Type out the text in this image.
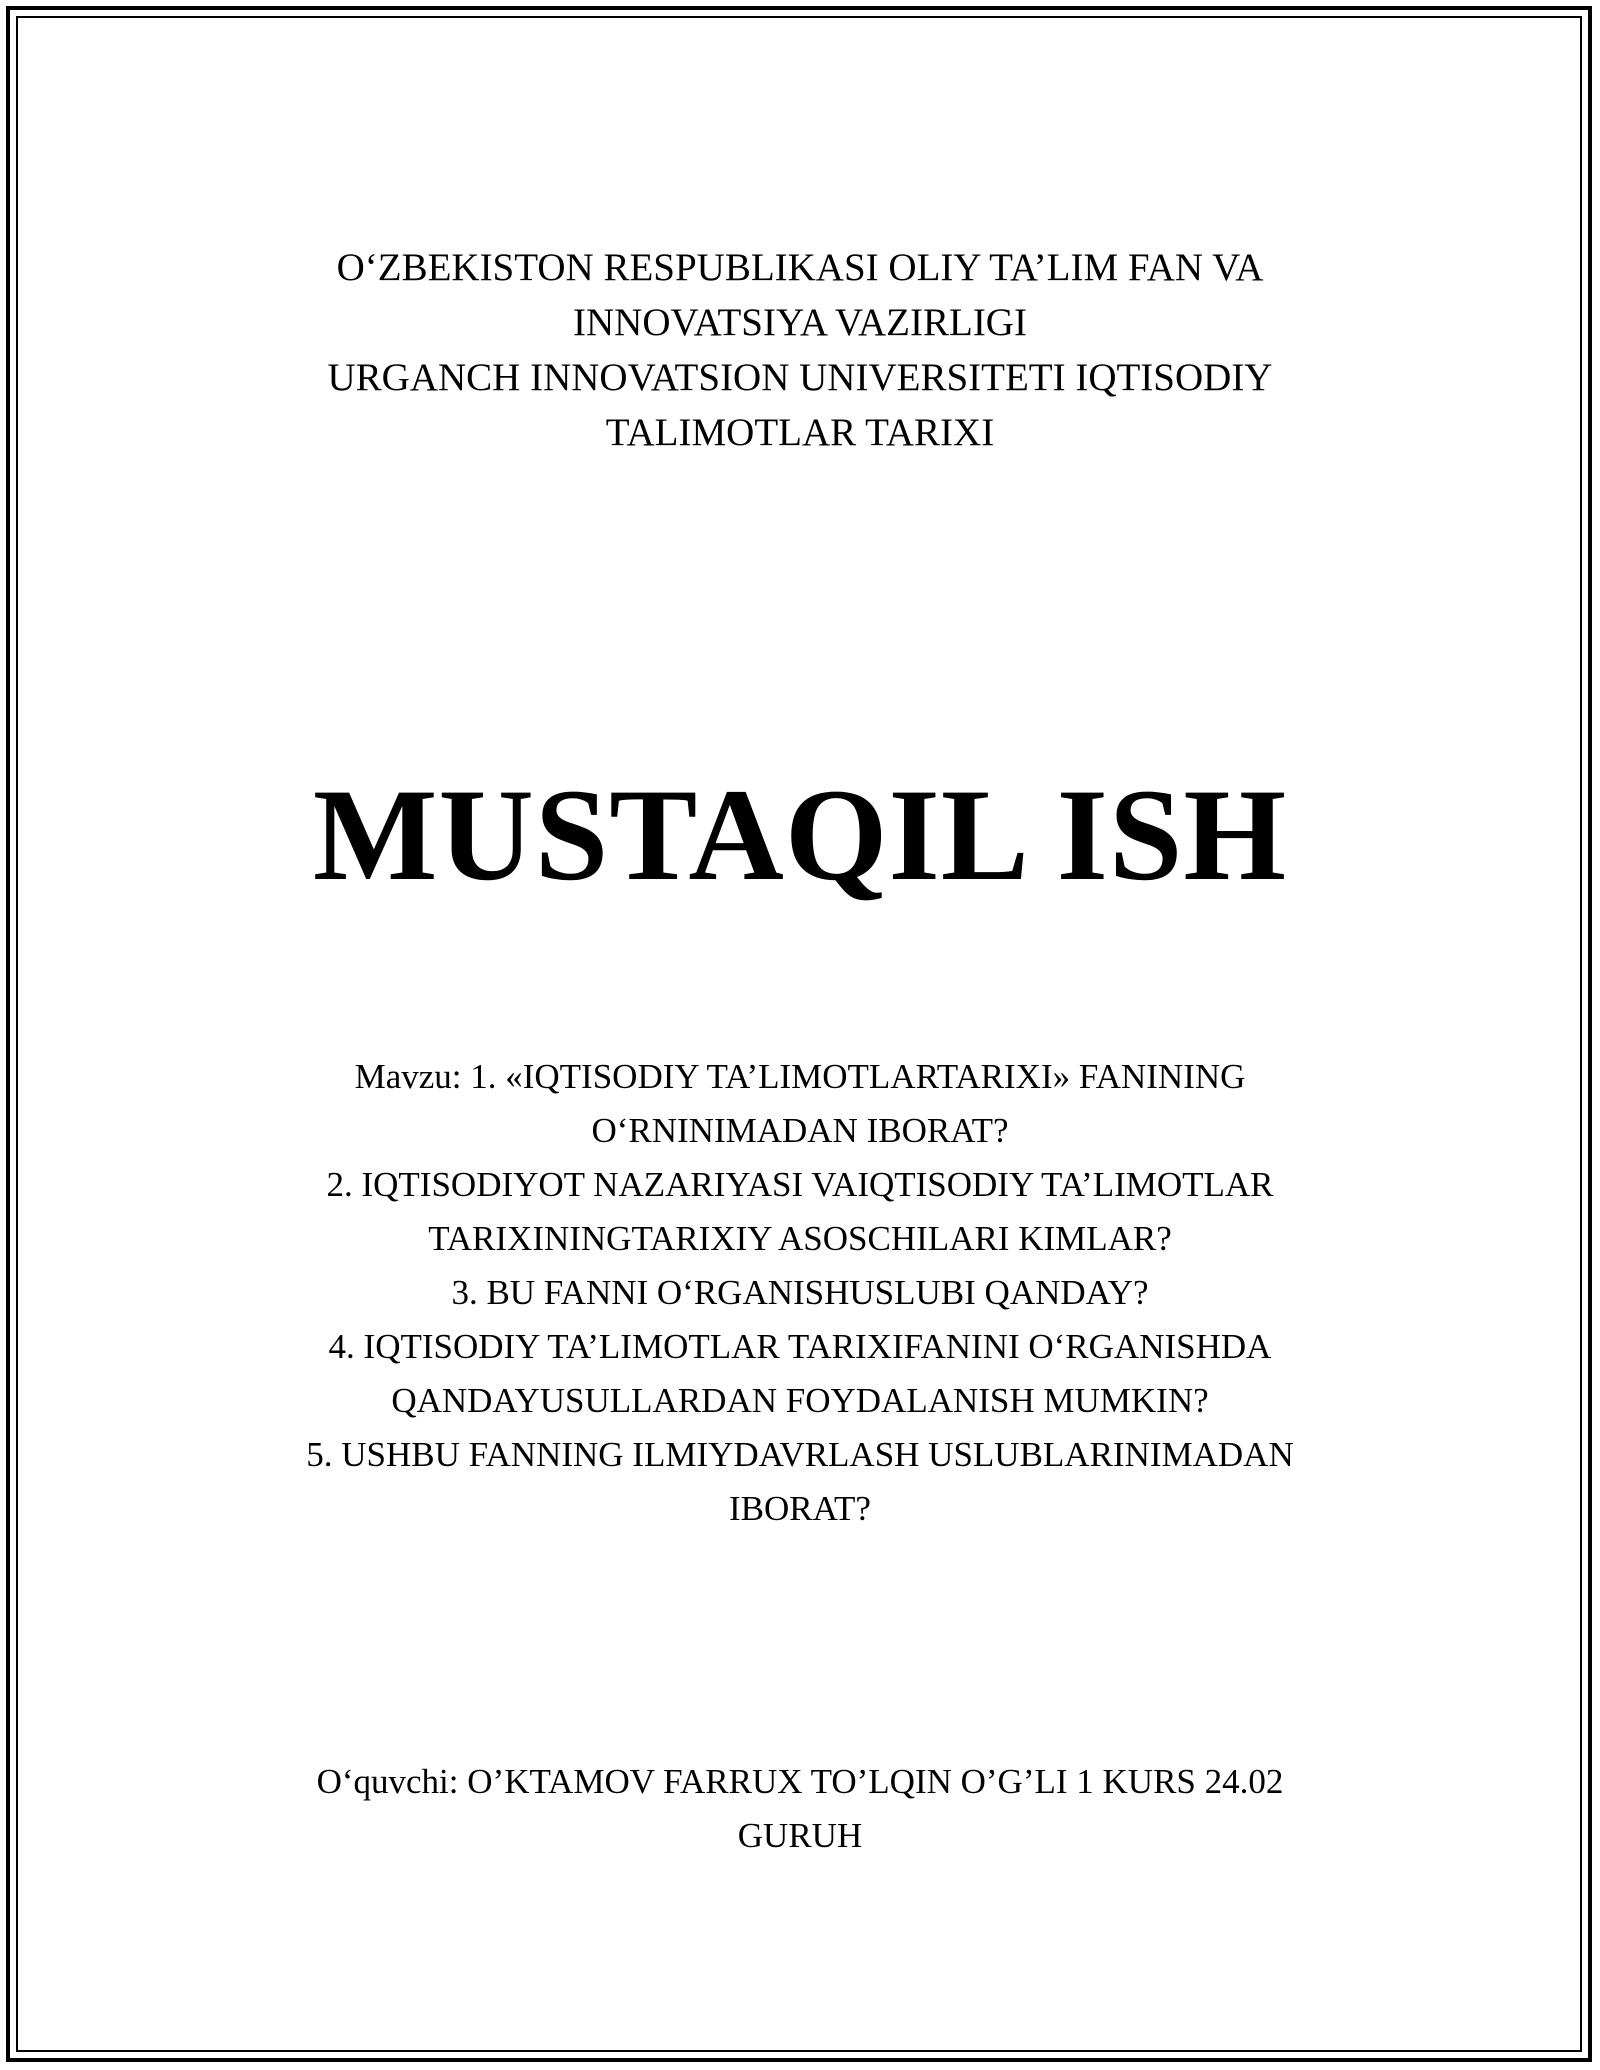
O‘ZBEKISTON RESPUBLIKASI OLIY TA’LIM FAN VA
INNOVATSIYA VAZIRLIGI
URGANCH INNOVATSION UNIVERSITETI IQTISODIY
TALIMOTLAR TARIXI
MUSTAQIL ISH
Mavzu: 1. «IQTISODIY TA’LIMOTLARTARIXI» FANINING
O‘RNINIMADAN IBORAT?
2. IQTISODIYOT NAZARIYASI VAIQTISODIY TA’LIMOTLAR
TARIXININGTARIXIY ASOSCHILARI KIMLAR?
3. BU FANNI O‘RGANISHUSLUBI QANDAY?
4. IQTISODIY TA’LIMOTLAR TARIXIFANINI O‘RGANISHDA
QANDAYUSULLARDAN FOYDALANISH MUMKIN?
5. USHBU FANNING ILMIYDAVRLASH USLUBLARINIMADAN
IBORAT?
O‘quvchi: O’KTAMOV FARRUX TO’LQIN O’G’LI 1 KURS 24.02
GURUH
